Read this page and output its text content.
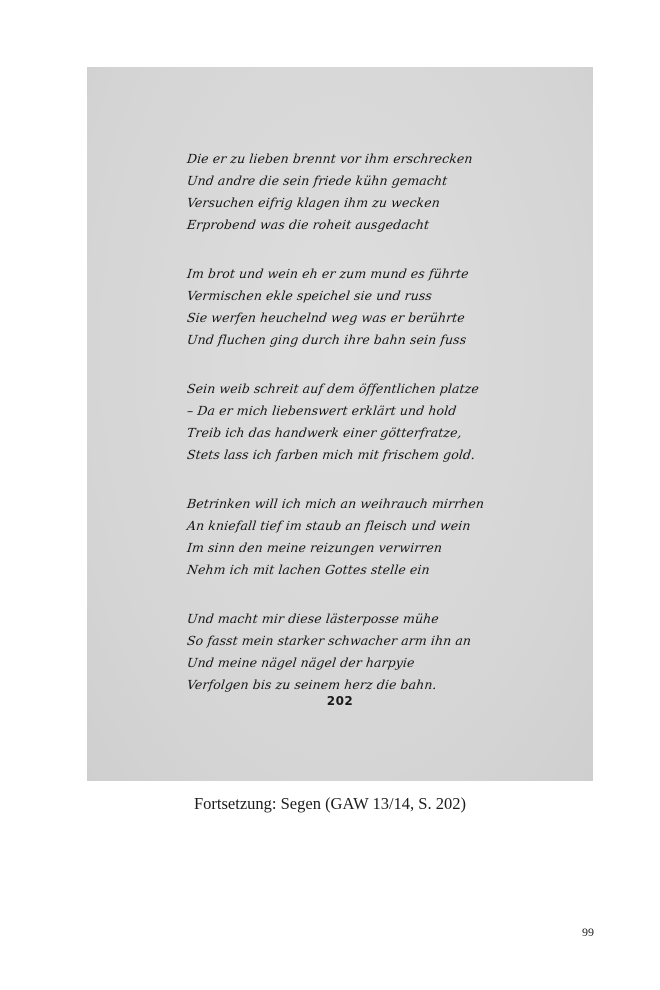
Die er zu lieben brennt vor ihm erschrecken
Und andre die sein friede kühn gemacht
Versuchen eifrig klagen ihm zu wecken
Erprobend was die roheit ausgedacht
Im brot und wein eh er zum mund es führte
Vermischen ekle speichel sie und russ
Sie werfen heuchelnd weg was er berührte
Und fluchen ging durch ihre bahn sein fuss
Sein weib schreit auf dem öffentlichen platze
– Da er mich liebenswert erklärt und hold
Treib ich das handwerk einer götterfratze,
Stets lass ich farben mich mit frischem gold.
Betrinken will ich mich an weihrauch mirrhen
An kniefall tief im staub an fleisch und wein
Im sinn den meine reizungen verwirren
Nehm ich mit lachen Gottes stelle ein
Und macht mir diese lästerposse mühe
So fasst mein starker schwacher arm ihn an
Und meine nägel nägel der harpyie
Verfolgen bis zu seinem herz die bahn.
202
Fortsetzung: Segen (GAW 13/14, S. 202)
99
